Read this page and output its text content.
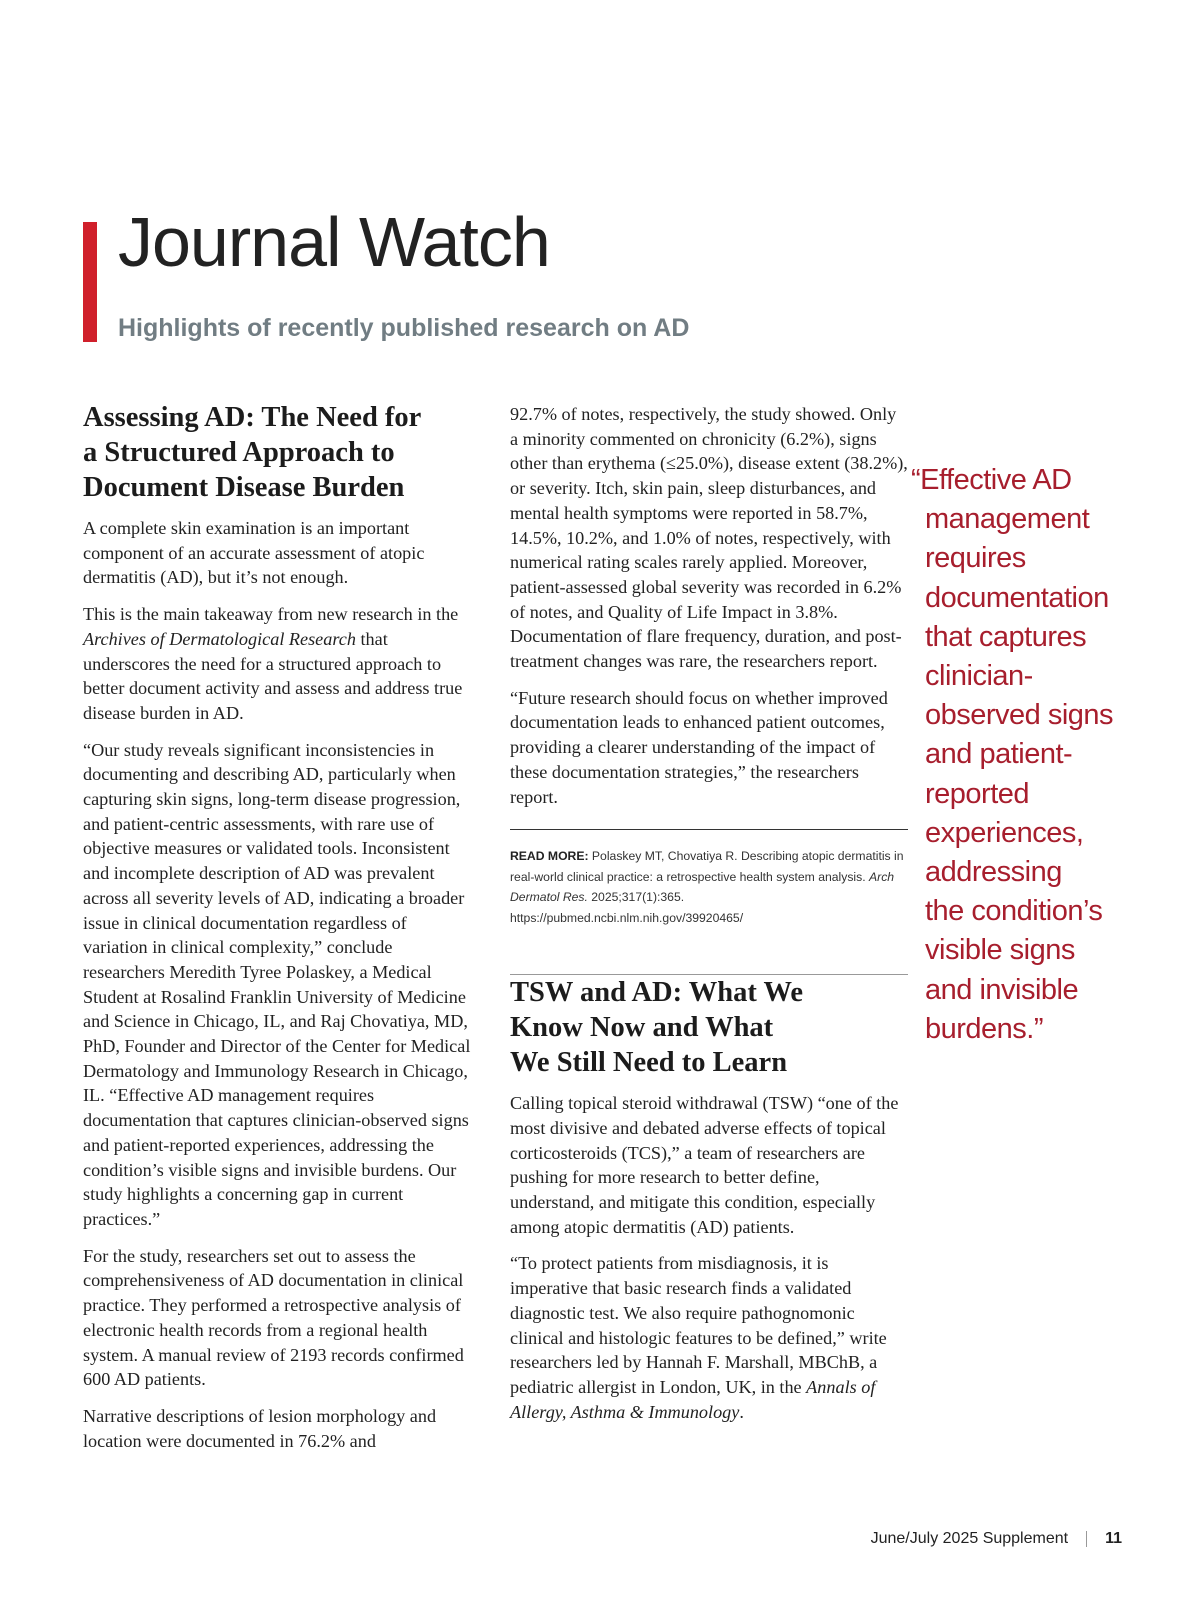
Journal Watch
Highlights of recently published research on AD
Assessing AD: The Need for
a Structured Approach to
Document Disease Burden

A complete skin examination is an important component of an accurate assessment of atopic dermatitis (AD), but it’s not enough.

This is the main takeaway from new research in the Archives of Dermatological Research that underscores the need for a structured approach to better document activity and assess and address true disease burden in AD.

“Our study reveals significant inconsistencies in documenting and describing AD, particularly when capturing skin signs, long-term disease progression, and patient-centric assessments, with rare use of objective measures or validated tools. Inconsistent and incomplete description of AD was prevalent across all severity levels of AD, indicating a broader issue in clinical documentation regardless of variation in clinical complexity,” conclude researchers Meredith Tyree Polaskey, a Medical Student at Rosalind Franklin University of Medicine and Science in Chicago, IL, and Raj Chovatiya, MD, PhD, Founder and Director of the Center for Medical Dermatology and Immunology Research in Chicago, IL. “Effective AD management requires documentation that captures clinician-observed signs and patient-reported experiences, addressing the condition’s visible signs and invisible burdens. Our study highlights a concerning gap in current practices.”

For the study, researchers set out to assess the comprehensiveness of AD documentation in clinical practice. They performed a retrospective analysis of electronic health records from a regional health system. A manual review of 2193 records confirmed 600 AD patients.

Narrative descriptions of lesion morphology and location were documented in 76.2% and

92.7% of notes, respectively, the study showed. Only a minority commented on chronicity (6.2%), signs other than erythema (≤25.0%), disease extent (38.2%), or severity. Itch, skin pain, sleep disturbances, and mental health symptoms were reported in 58.7%, 14.5%, 10.2%, and 1.0% of notes, respectively, with numerical rating scales rarely applied. Moreover, patient-assessed global severity was recorded in 6.2% of notes, and Quality of Life Impact in 3.8%. Documentation of flare frequency, duration, and post-treatment changes was rare, the researchers report.

“Future research should focus on whether improved documentation leads to enhanced patient outcomes, providing a clearer understanding of the impact of these documentation strategies,” the researchers report.

READ MORE: Polaskey MT, Chovatiya R. Describing atopic dermatitis in real-world clinical practice: a retrospective health system analysis. Arch Dermatol Res. 2025;317(1):365. https://pubmed.ncbi.nlm.nih.gov/39920465/

TSW and AD: What We
Know Now and What
We Still Need to Learn

Calling topical steroid withdrawal (TSW) “one of the most divisive and debated adverse effects of topical corticosteroids (TCS),” a team of researchers are pushing for more research to better define, understand, and mitigate this condition, especially among atopic dermatitis (AD) patients.

“To protect patients from misdiagnosis, it is imperative that basic research finds a validated diagnostic test. We also require pathognomonic clinical and histologic features to be defined,” write researchers led by Hannah F. Marshall, MBChB, a pediatric allergist in London, UK, in the Annals of Allergy, Asthma & Immunology.

“Effective AD
management
requires
documentation
that captures
clinician-
observed signs
and patient-
reported
experiences,
addressing
the condition’s
visible signs
and invisible
burdens.”
June/July 2025 Supplement 11
